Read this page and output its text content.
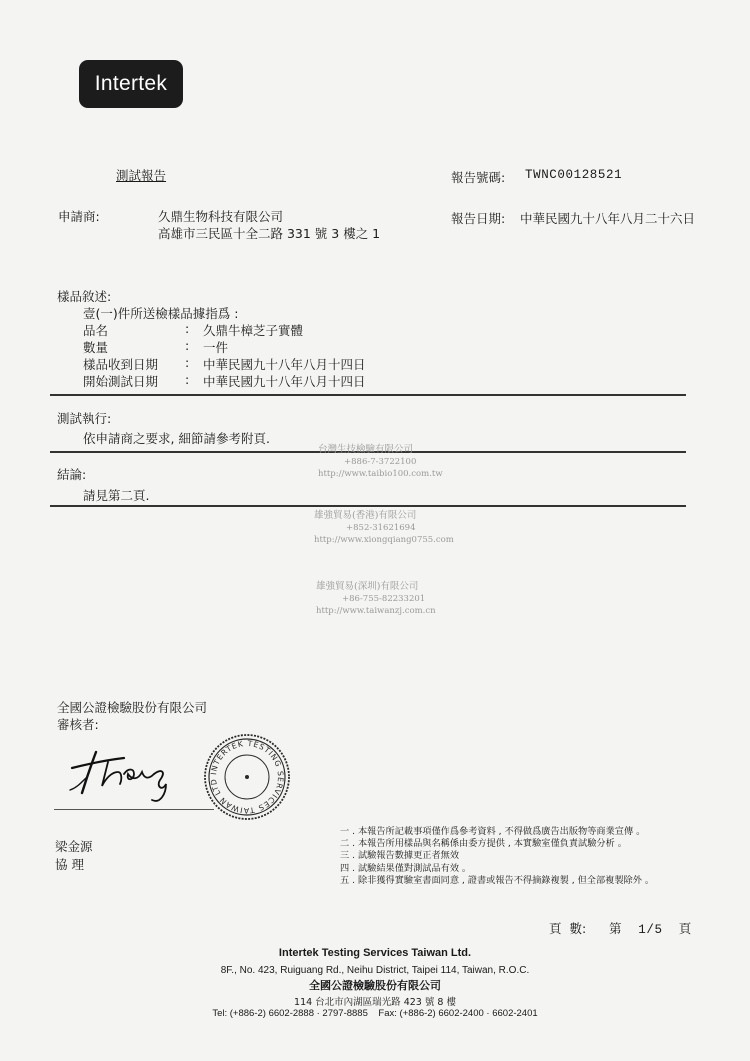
Intertek
測試報告	報告號碼: TWNC00128521
申請商:	久鼎生物科技有限公司
高雄市三民區十全二路 331 號 3 樓之 1
報告日期: 中華民國九十八年八月二十六日
樣品敘述:
壹(一)件所送檢樣品據指爲 :
品名	: 久鼎牛樟芝子實體
數量	: 一件
樣品收到日期 : 中華民國九十八年八月十四日
開始測試日期 : 中華民國九十八年八月十四日
測試執行:
依申請商之要求, 細節請參考附頁.
結論:
請見第二頁.
台灣生技檢驗有限公司
+886-7-3722100
http://www.taibio100.com.tw
雄強貿易(香港)有限公司
+852-31621694
http://www.xiongqiang0755.com
雄強貿易(深圳)有限公司
+86-755-82233201
http://www.taiwanzj.com.cn
全國公證檢驗股份有限公司
審核者:
INTERTEK TESTING SERVICES TAIWAN LTD
梁金源
協 理
一 . 本報告所記載事項僅作爲參考資料 , 不得做爲廣告出版物等商業宣傳 。
二 . 本報告所用樣品與名稱係由委方提供 , 本實驗室僅負責試驗分析 。
三 . 試驗報告數據更正者無效
四 . 試驗結果僅對測試品有效 。
五 . 除非獲得實驗室書面同意 , 證書或報告不得摘錄複製 , 但全部複製除外 。
頁  數: 第  1/5  頁
Intertek Testing Services Taiwan Ltd.
8F., No. 423, Ruiguang Rd., Neihu District, Taipei 114, Taiwan, R.O.C.
全國公證檢驗股份有限公司
114 台北市內湖區瑞光路 423 號 8 樓
Tel: (+886-2) 6602-2888 · 2797-8885    Fax: (+886-2) 6602-2400 · 6602-2401
